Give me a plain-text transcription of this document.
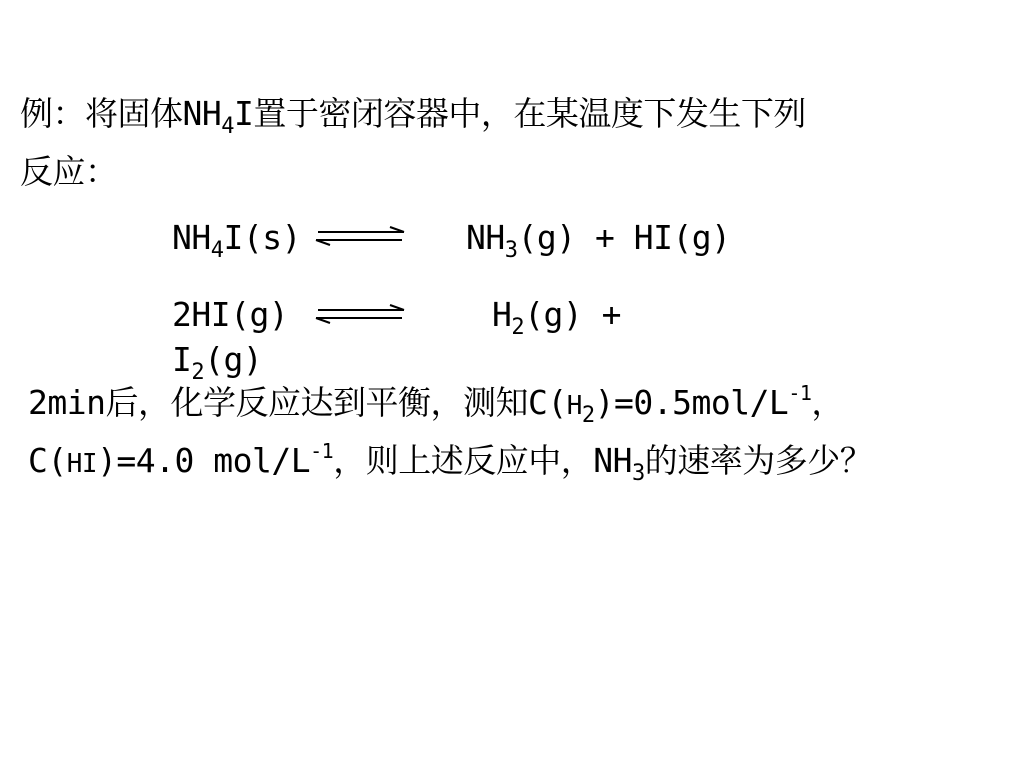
例：将固体$NH_4I$置于密闭容器中，在某温度下发生下列
反应：
$NH_4I(s)$	$NH_3(g) + HI(g)$
2HI(g)	$H_2(g)$ +
$I_2(g)$
2min后，化学反应达到平衡，测知$C(H_2)=0.5mol/L^{-1}$，
C(HI)=4.0 mol/$L^{-1}$，则上述反应中，$NH_3$的速率为多少？
